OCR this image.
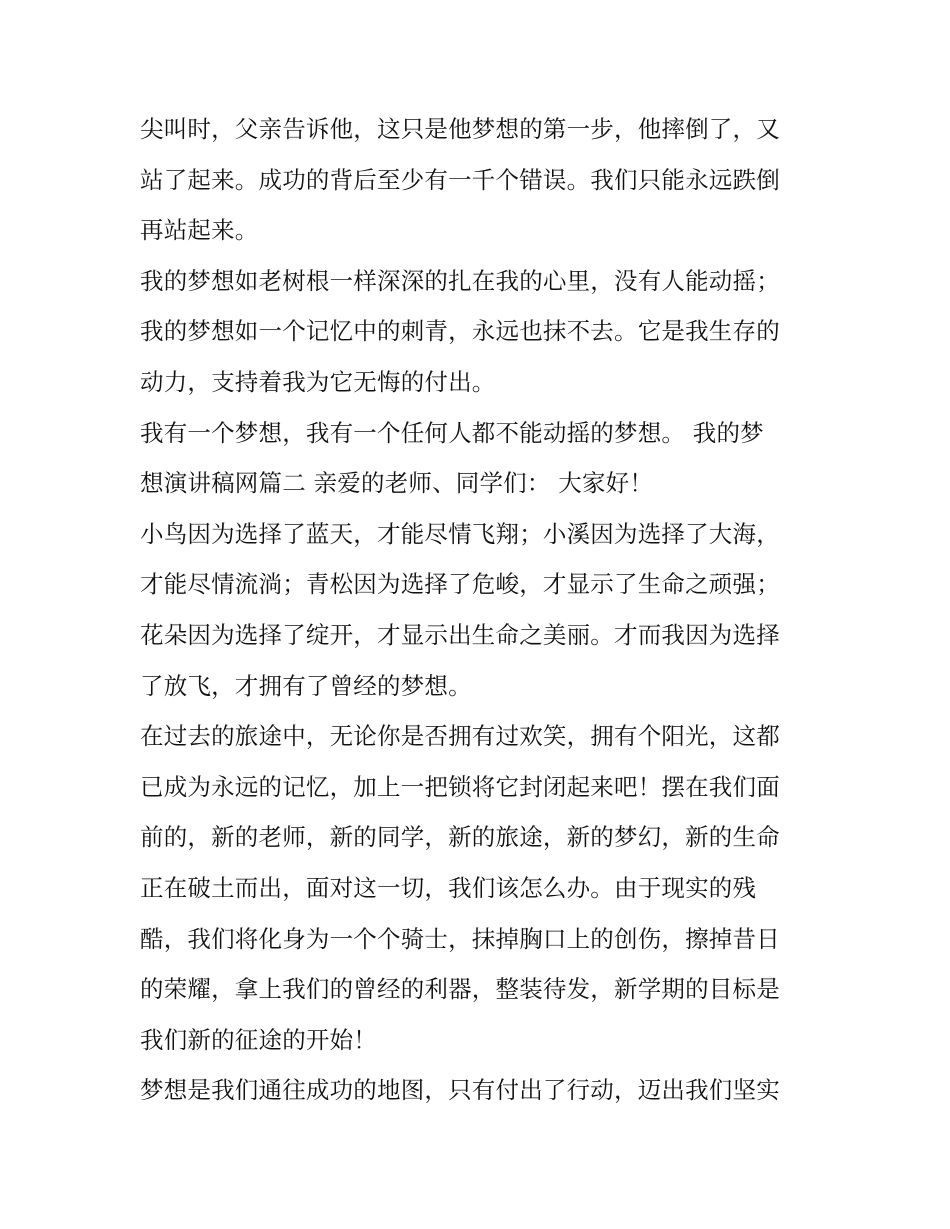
尖叫时，父亲告诉他，这只是他梦想的第一步，他摔倒了，又
站了起来。成功的背后至少有一千个错误。我们只能永远跌倒
再站起来。
我的梦想如老树根一样深深的扎在我的心里，没有人能动摇；
我的梦想如一个记忆中的刺青，永远也抹不去。它是我生存的
动力，支持着我为它无悔的付出。
我有一个梦想，我有一个任何人都不能动摇的梦想。 我的梦
想演讲稿网篇二 亲爱的老师、同学们： 大家好！
小鸟因为选择了蓝天，才能尽情飞翔；小溪因为选择了大海，
才能尽情流淌；青松因为选择了危峻，才显示了生命之顽强；
花朵因为选择了绽开，才显示出生命之美丽。才而我因为选择
了放飞，才拥有了曾经的梦想。
在过去的旅途中，无论你是否拥有过欢笑，拥有个阳光，这都
已成为永远的记忆，加上一把锁将它封闭起来吧！摆在我们面
前的，新的老师，新的同学，新的旅途，新的梦幻，新的生命
正在破土而出，面对这一切，我们该怎么办。由于现实的残
酷，我们将化身为一个个骑士，抹掉胸口上的创伤，擦掉昔日
的荣耀，拿上我们的曾经的利器，整装待发，新学期的目标是
我们新的征途的开始！
梦想是我们通往成功的地图，只有付出了行动，迈出我们坚实
